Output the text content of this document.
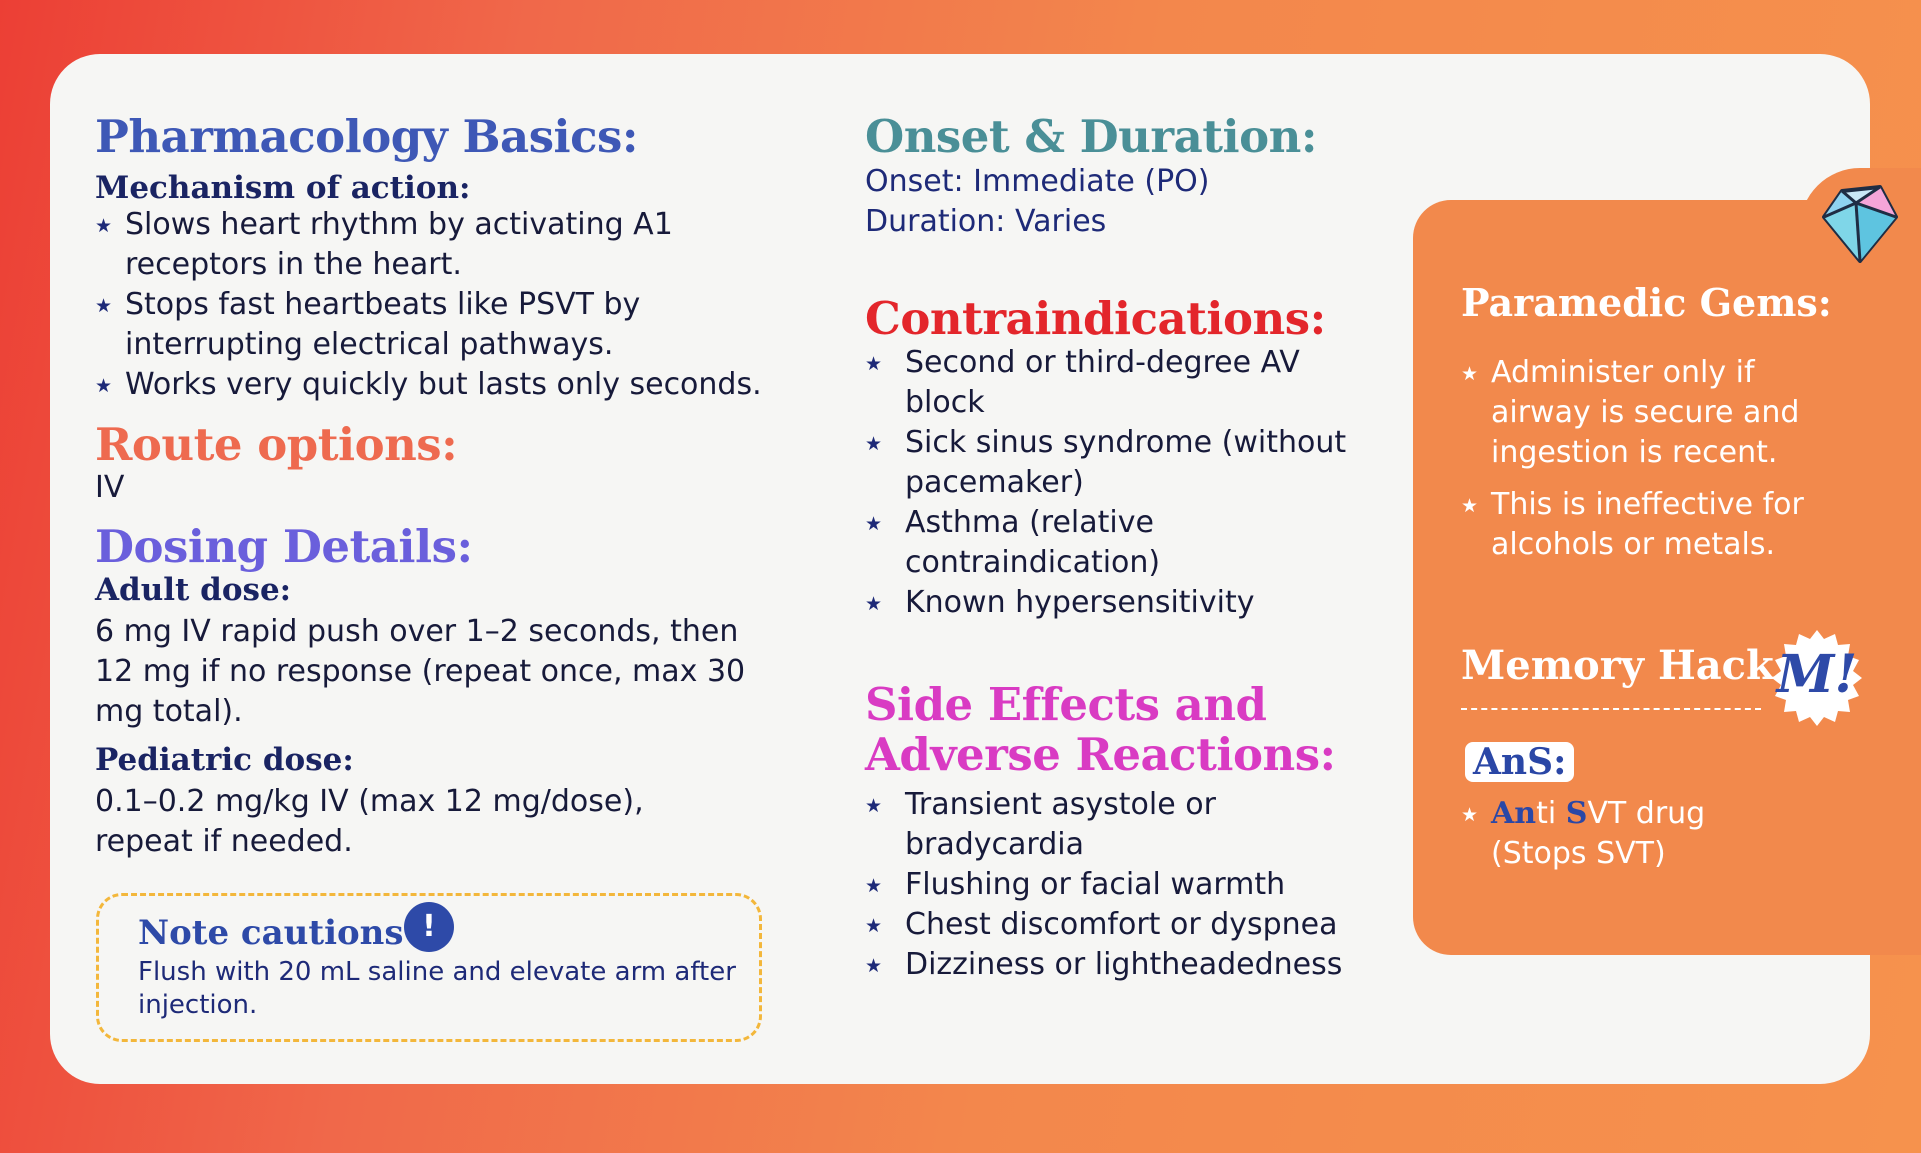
Pharmacology Basics:
Mechanism of action:
★ Slows heart rhythm by activating A1 receptors in the heart.
★ Stops fast heartbeats like PSVT by interrupting electrical pathways.
★ Works very quickly but lasts only seconds.
Route options:
IV
Dosing Details:
Adult dose:
6 mg IV rapid push over 1–2 seconds, then 12 mg if no response (repeat once, max 30 mg total).
Pediatric dose:
0.1–0.2 mg/kg IV (max 12 mg/dose), repeat if needed.
Note cautions !
Flush with 20 mL saline and elevate arm after injection.
Onset & Duration:
Onset: Immediate (PO)
Duration: Varies
Contraindications:
★ Second or third-degree AV block
★ Sick sinus syndrome (without pacemaker)
★ Asthma (relative contraindication)
★ Known hypersensitivity
Side Effects and
Adverse Reactions:
★ Transient asystole or bradycardia
★ Flushing or facial warmth
★ Chest discomfort or dyspnea
★ Dizziness or lightheadedness
Paramedic Gems:
★ Administer only if airway is secure and ingestion is recent.
★ This is ineffective for alcohols or metals.
Memory Hack
AnS:
★ Anti SVT drug
(Stops SVT)
M!
